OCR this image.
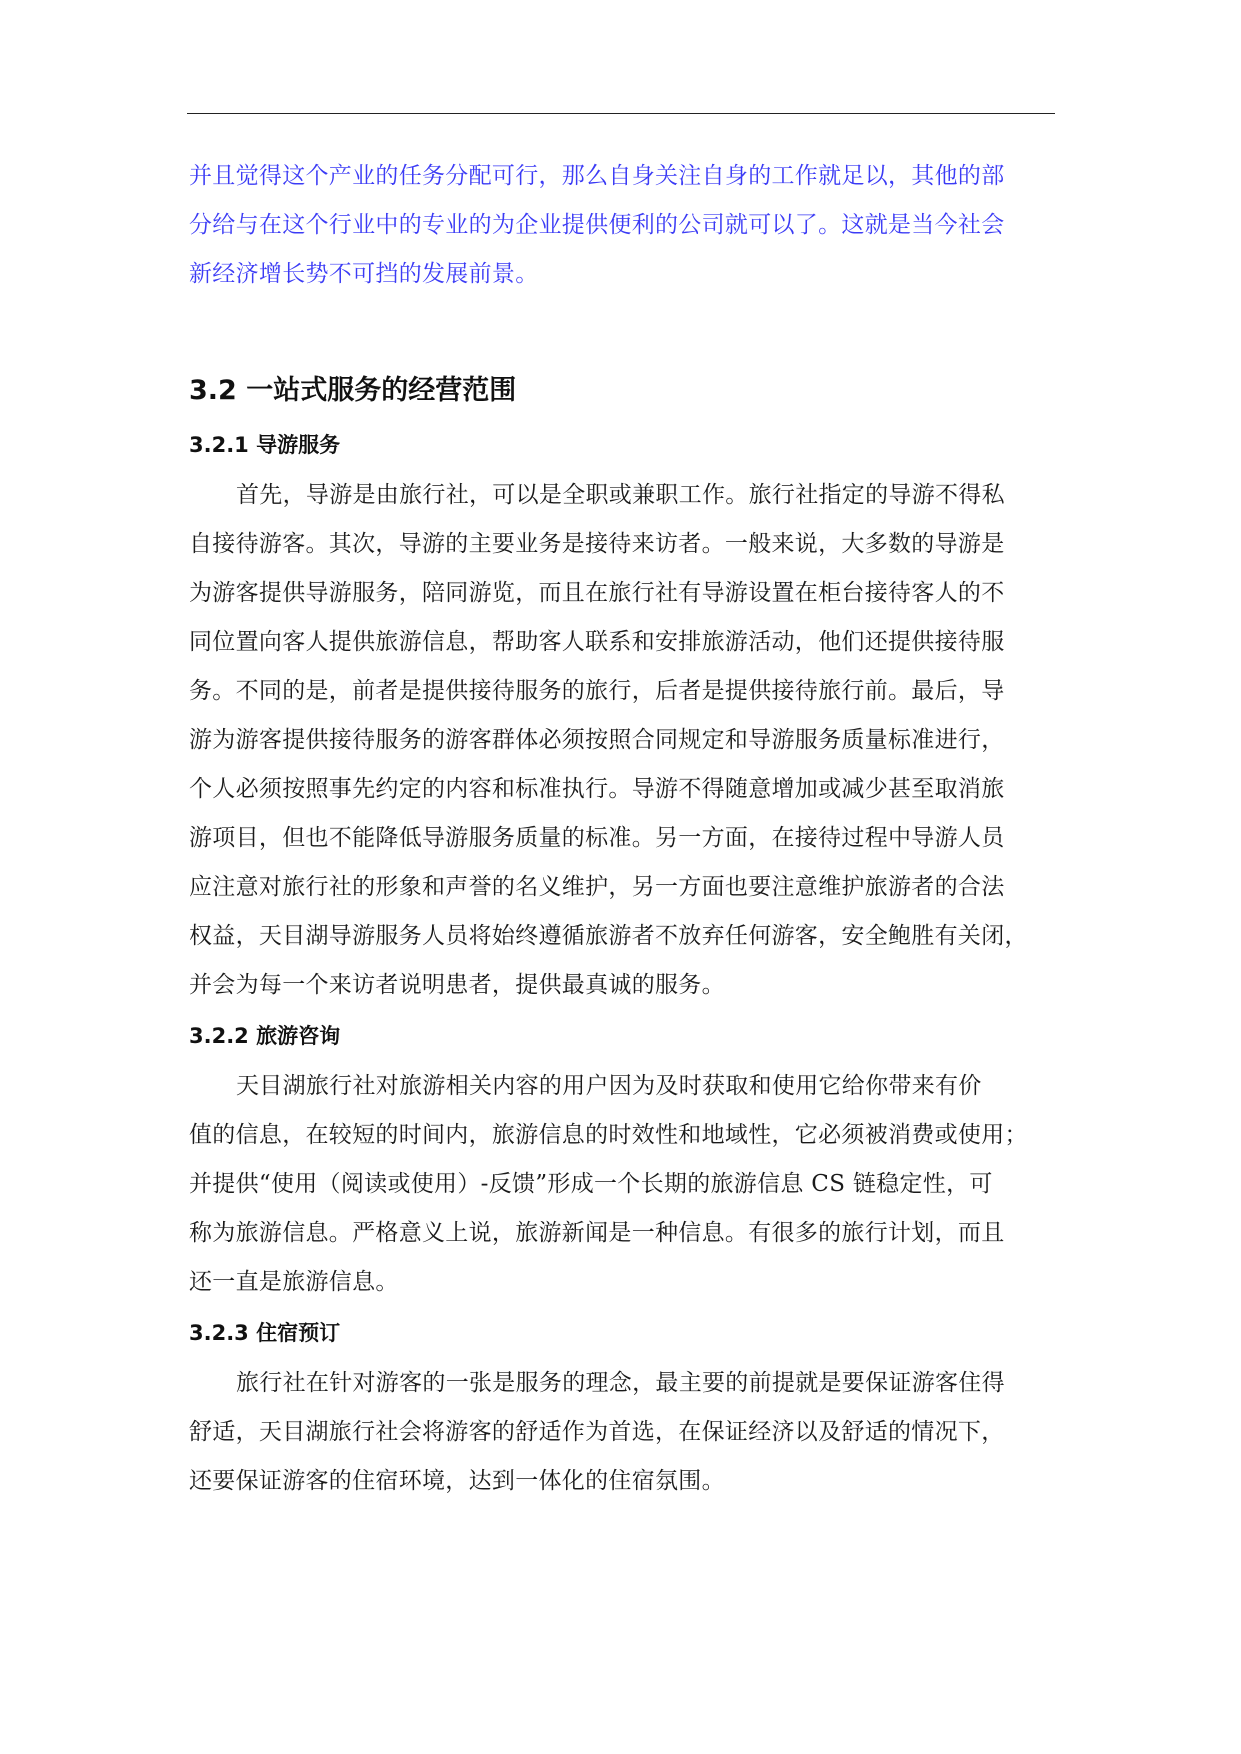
并且觉得这个产业的任务分配可行，那么自身关注自身的工作就足以，其他的部
分给与在这个行业中的专业的为企业提供便利的公司就可以了。这就是当今社会
新经济增长势不可挡的发展前景。
3.2 一站式服务的经营范围
3.2.1 导游服务
首先，导游是由旅行社，可以是全职或兼职工作。旅行社指定的导游不得私
自接待游客。其次，导游的主要业务是接待来访者。一般来说，大多数的导游是
为游客提供导游服务，陪同游览，而且在旅行社有导游设置在柜台接待客人的不
同位置向客人提供旅游信息，帮助客人联系和安排旅游活动，他们还提供接待服
务。不同的是，前者是提供接待服务的旅行，后者是提供接待旅行前。最后，导
游为游客提供接待服务的游客群体必须按照合同规定和导游服务质量标准进行，
个人必须按照事先约定的内容和标准执行。导游不得随意增加或减少甚至取消旅
游项目，但也不能降低导游服务质量的标准。另一方面，在接待过程中导游人员
应注意对旅行社的形象和声誉的名义维护，另一方面也要注意维护旅游者的合法
权益，天目湖导游服务人员将始终遵循旅游者不放弃任何游客，安全鲍胜有关闭，
并会为每一个来访者说明患者，提供最真诚的服务。
3.2.2 旅游咨询
天目湖旅行社对旅游相关内容的用户因为及时获取和使用它给你带来有价
值的信息，在较短的时间内，旅游信息的时效性和地域性，它必须被消费或使用；
并提供“使用（阅读或使用）-反馈”形成一个长期的旅游信息 CS 链稳定性，可
称为旅游信息。严格意义上说，旅游新闻是一种信息。有很多的旅行计划，而且
还一直是旅游信息。
3.2.3 住宿预订
旅行社在针对游客的一张是服务的理念，最主要的前提就是要保证游客住得
舒适，天目湖旅行社会将游客的舒适作为首选，在保证经济以及舒适的情况下，
还要保证游客的住宿环境，达到一体化的住宿氛围。
